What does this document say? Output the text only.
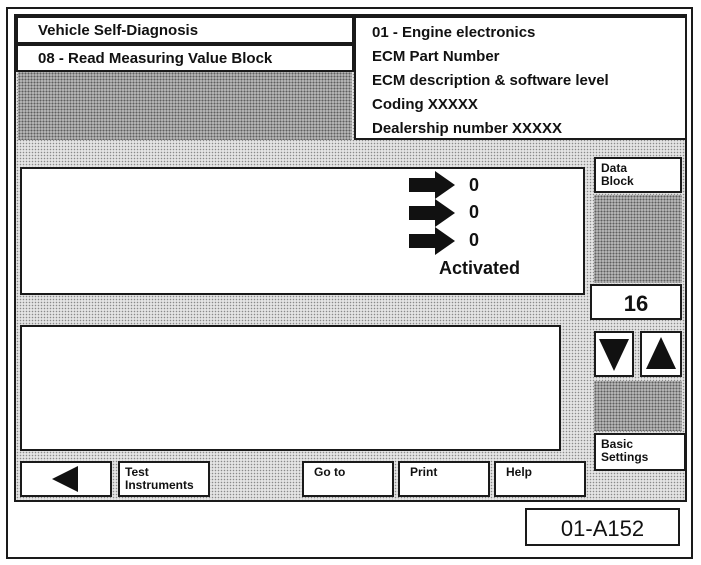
Vehicle Self-Diagnosis
08 - Read Measuring Value Block
01 - Engine electronics
ECM Part Number
ECM description & software level
Coding XXXXX
Dealership number XXXXX
0
0
0
Activated
Data Block
16
Basic Settings
Test Instruments
Go to	Print	Help
01-A152
